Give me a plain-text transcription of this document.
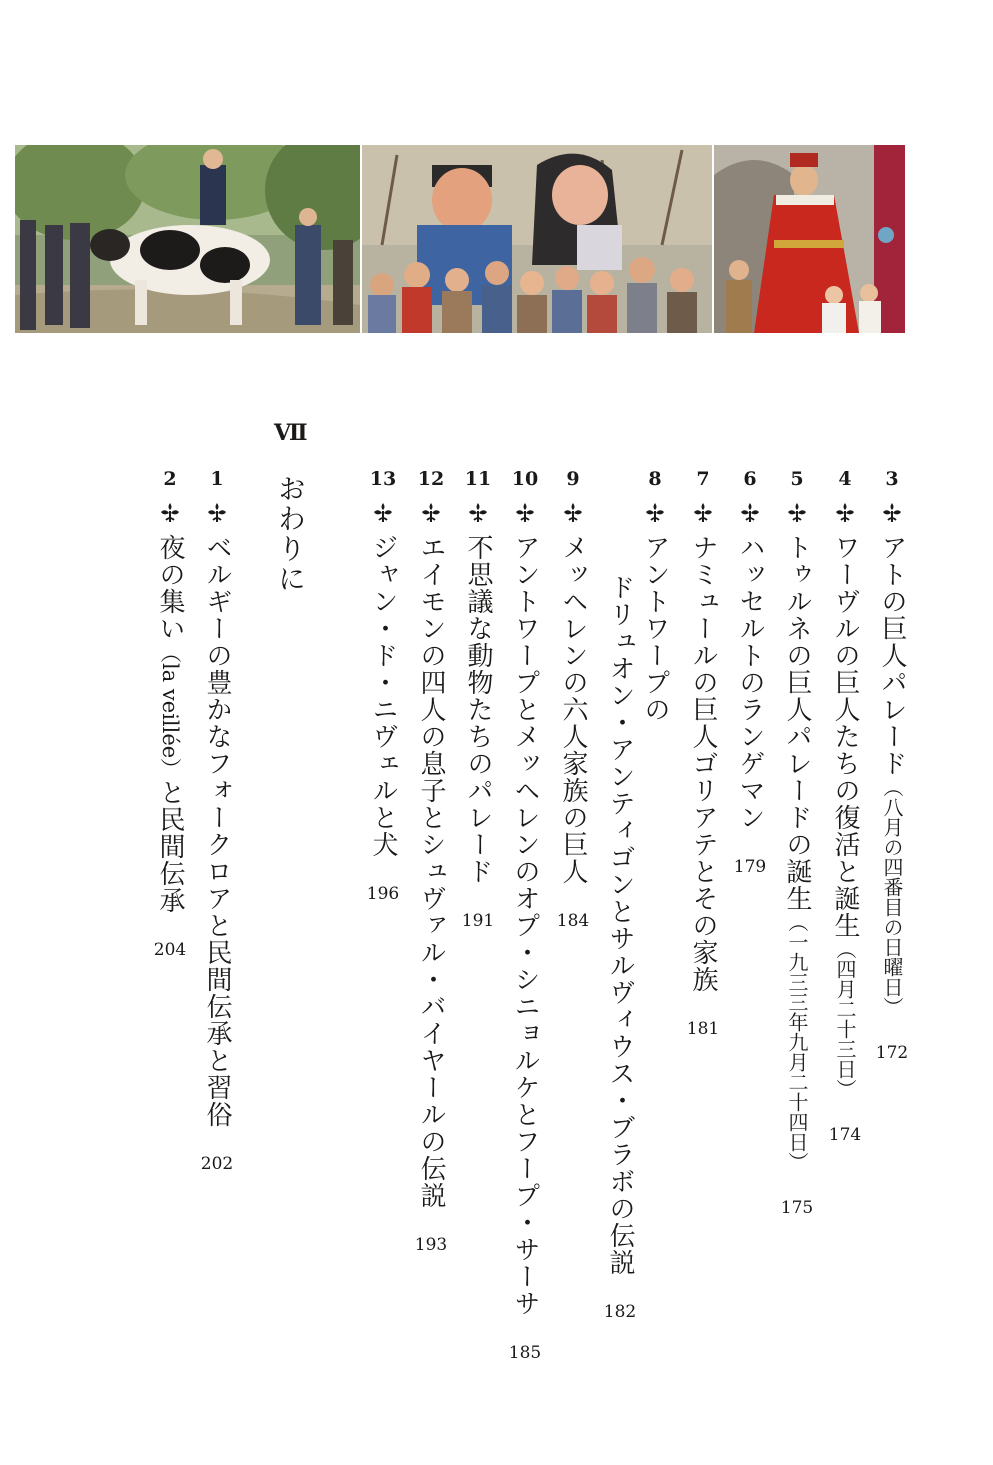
3
アトの巨人パレード（八月の四番目の日曜日）
172
4
ワーヴルの巨人たちの復活と誕生（四月二十三日）
174
5
トゥルネの巨人パレードの誕生（一九三三年九月二十四日）
175
6
ハッセルトのランゲマン
179
7
ナミュールの巨人ゴリアテとその家族
181
8
アントワープの
ドリュオン・アンティゴンとサルヴィウス・ブラボの伝説
182
9
メッヘレンの六人家族の巨人
184
10
アントワープとメッヘレンのオプ・シニョルケとフープ・サーサ
185
11
不思議な動物たちのパレード
191
12
エイモンの四人の息子とシュヴァル・バイヤールの伝説
193
13
ジャン・ド・ニヴェルと犬
196
Ⅶ
おわりに
1
ベルギーの豊かなフォークロアと民間伝承と習俗
202
2
夜の集い（la veillée）と民間伝承
204
